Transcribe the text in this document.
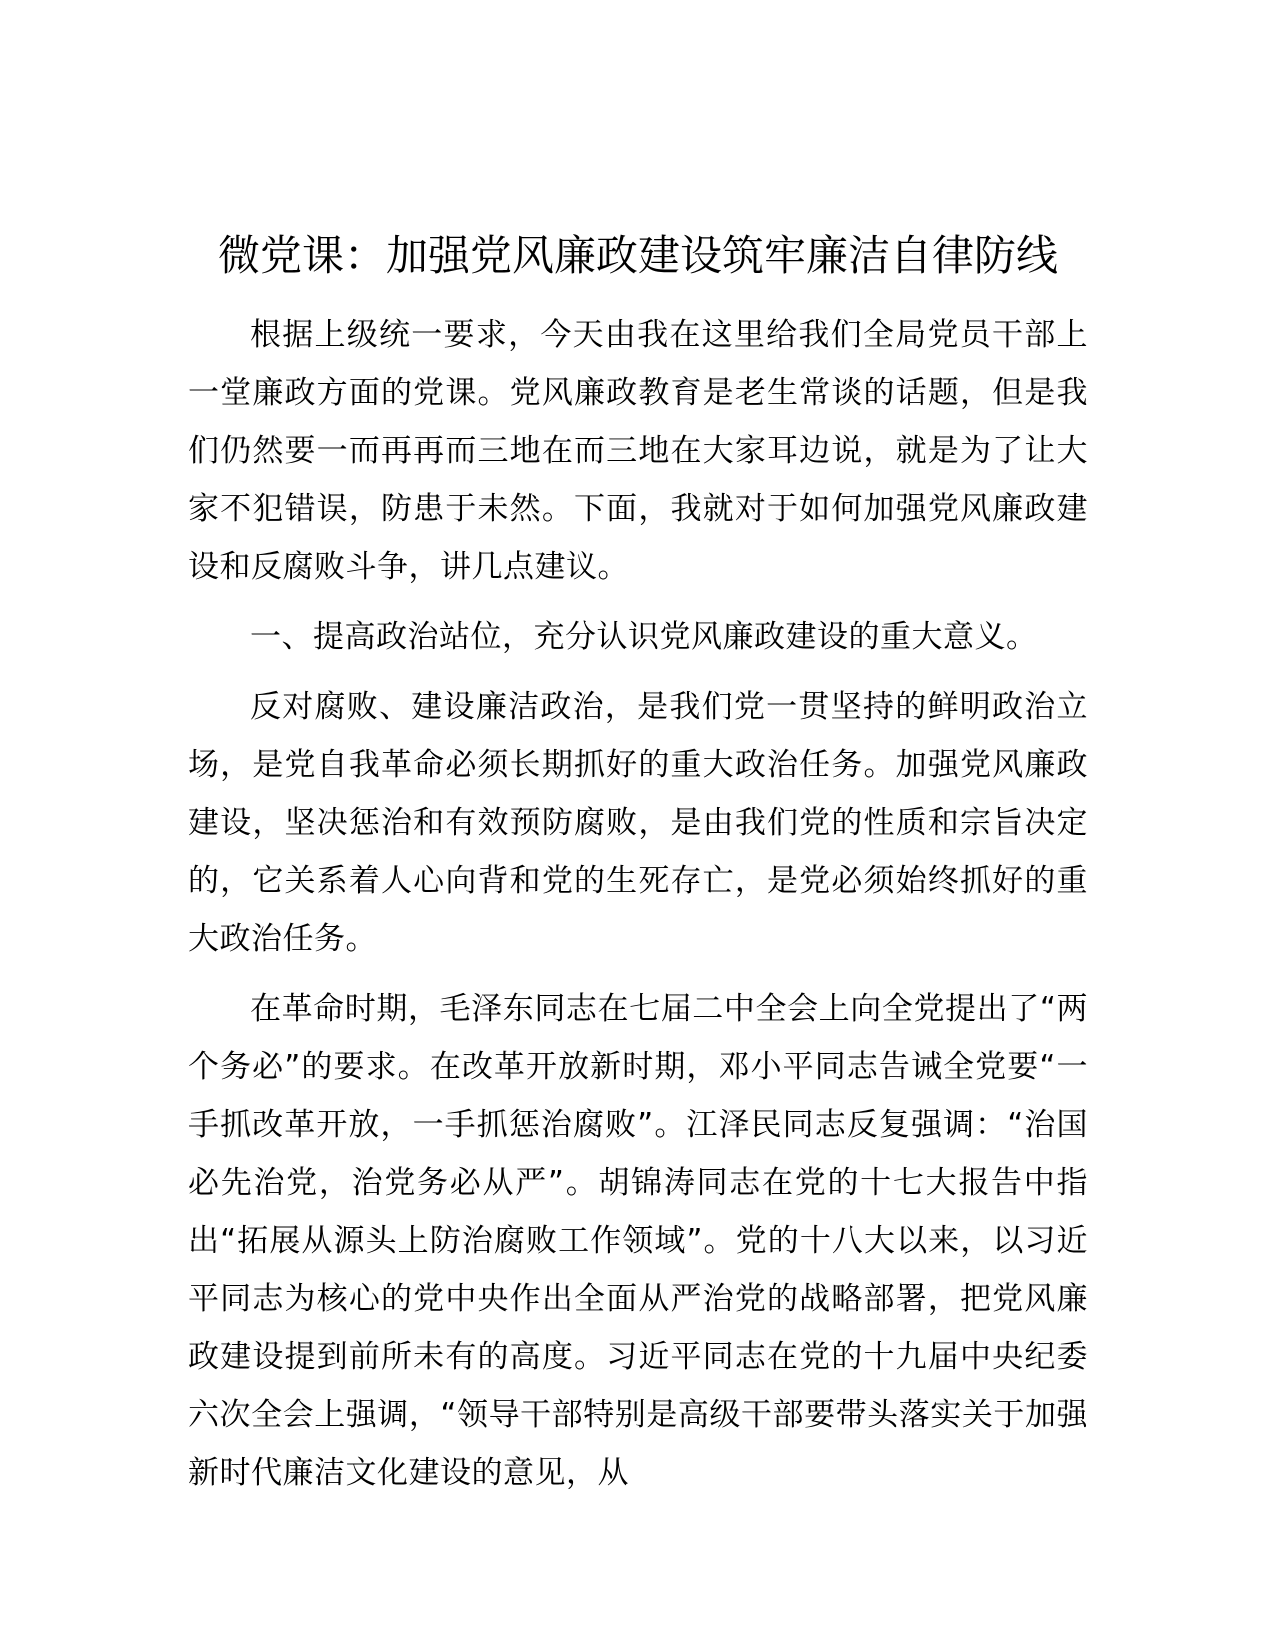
微党课：加强党风廉政建设筑牢廉洁自律防线

根据上级统一要求，今天由我在这里给我们全局党员干部上一堂廉政方面的党课。党风廉政教育是老生常谈的话题，但是我们仍然要一而再再而三地在而三地在大家耳边说，就是为了让大家不犯错误，防患于未然。下面，我就对于如何加强党风廉政建设和反腐败斗争，讲几点建议。

一、提高政治站位，充分认识党风廉政建设的重大意义。

反对腐败、建设廉洁政治，是我们党一贯坚持的鲜明政治立场，是党自我革命必须长期抓好的重大政治任务。加强党风廉政建设，坚决惩治和有效预防腐败，是由我们党的性质和宗旨决定的，它关系着人心向背和党的生死存亡，是党必须始终抓好的重大政治任务。

在革命时期，毛泽东同志在七届二中全会上向全党提出了“两个务必”的要求。在改革开放新时期，邓小平同志告诫全党要“一手抓改革开放，一手抓惩治腐败”。江泽民同志反复强调：“治国必先治党，治党务必从严”。胡锦涛同志在党的十七大报告中指出“拓展从源头上防治腐败工作领域”。党的十八大以来，以习近平同志为核心的党中央作出全面从严治党的战略部署，把党风廉政建设提到前所未有的高度。习近平同志在党的十九届中央纪委六次全会上强调，“领导干部特别是高级干部要带头落实关于加强新时代廉洁文化建设的意见，从
